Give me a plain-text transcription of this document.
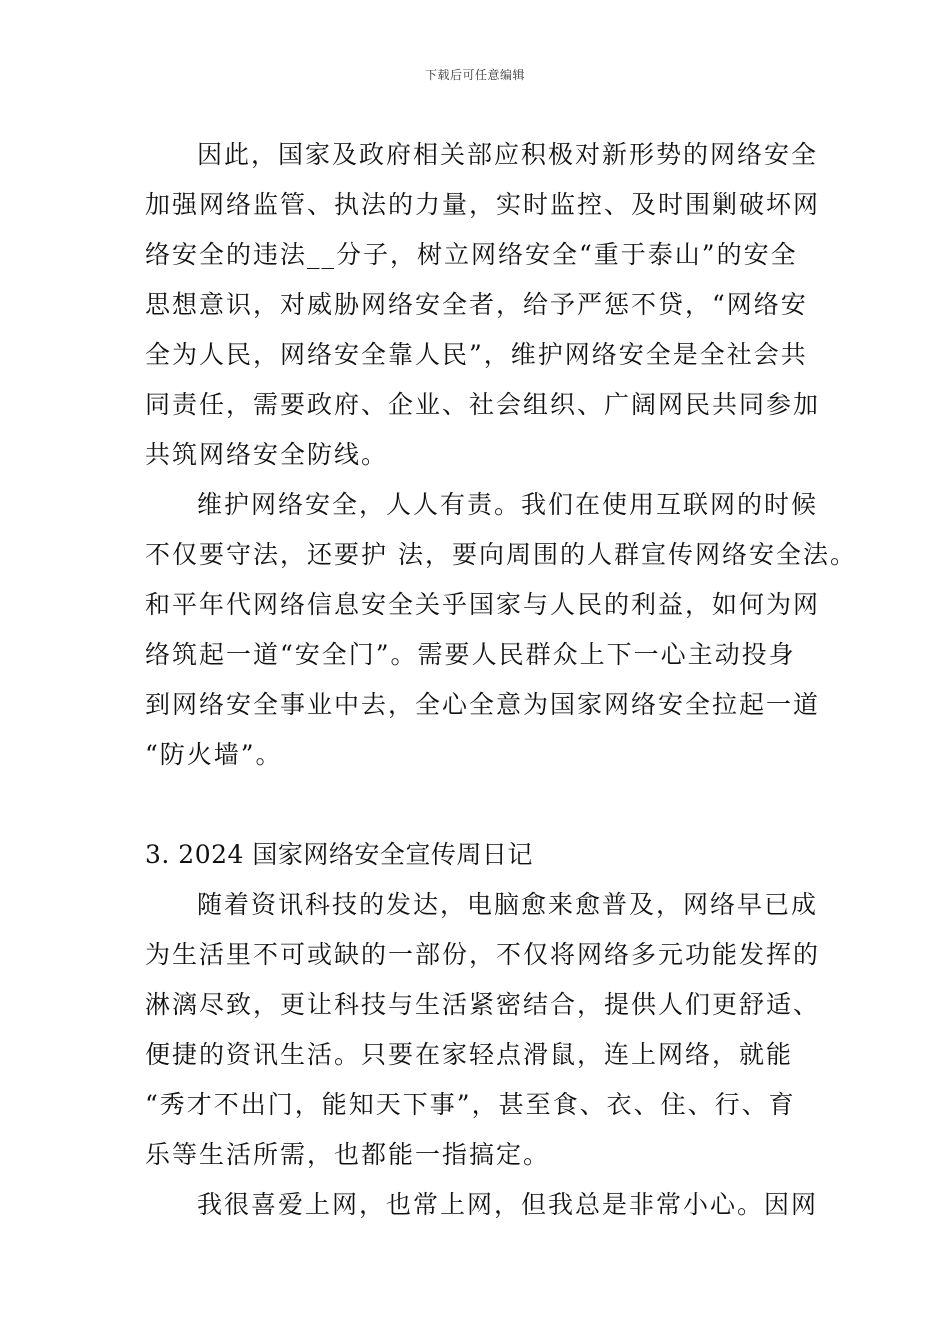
下载后可任意编辑
因此，国家及政府相关部应积极对新形势的网络安全
加强网络监管、执法的力量，实时监控、及时围剿破坏网
络安全的违法__分子，树立网络安全“重于泰山”的安全
思想意识，对威胁网络安全者，给予严惩不贷，“网络安
全为人民，网络安全靠人民”，维护网络安全是全社会共
同责任，需要政府、企业、社会组织、广阔网民共同参加
共筑网络安全防线。
维护网络安全，人人有责。我们在使用互联网的时候
不仅要守法，还要护 法，要向周围的人群宣传网络安全法。
和平年代网络信息安全关乎国家与人民的利益，如何为网
络筑起一道“安全门”。需要人民群众上下一心主动投身
到网络安全事业中去，全心全意为国家网络安全拉起一道
“防火墙”。
3. 2024 国家网络安全宣传周日记
随着资讯科技的发达，电脑愈来愈普及，网络早已成
为生活里不可或缺的一部份，不仅将网络多元功能发挥的
淋漓尽致，更让科技与生活紧密结合，提供人们更舒适、
便捷的资讯生活。只要在家轻点滑鼠，连上网络，就能
“秀才不出门，能知天下事”，甚至食、衣、住、行、育
乐等生活所需，也都能一指搞定。
我很喜爱上网，也常上网，但我总是非常小心。因网
